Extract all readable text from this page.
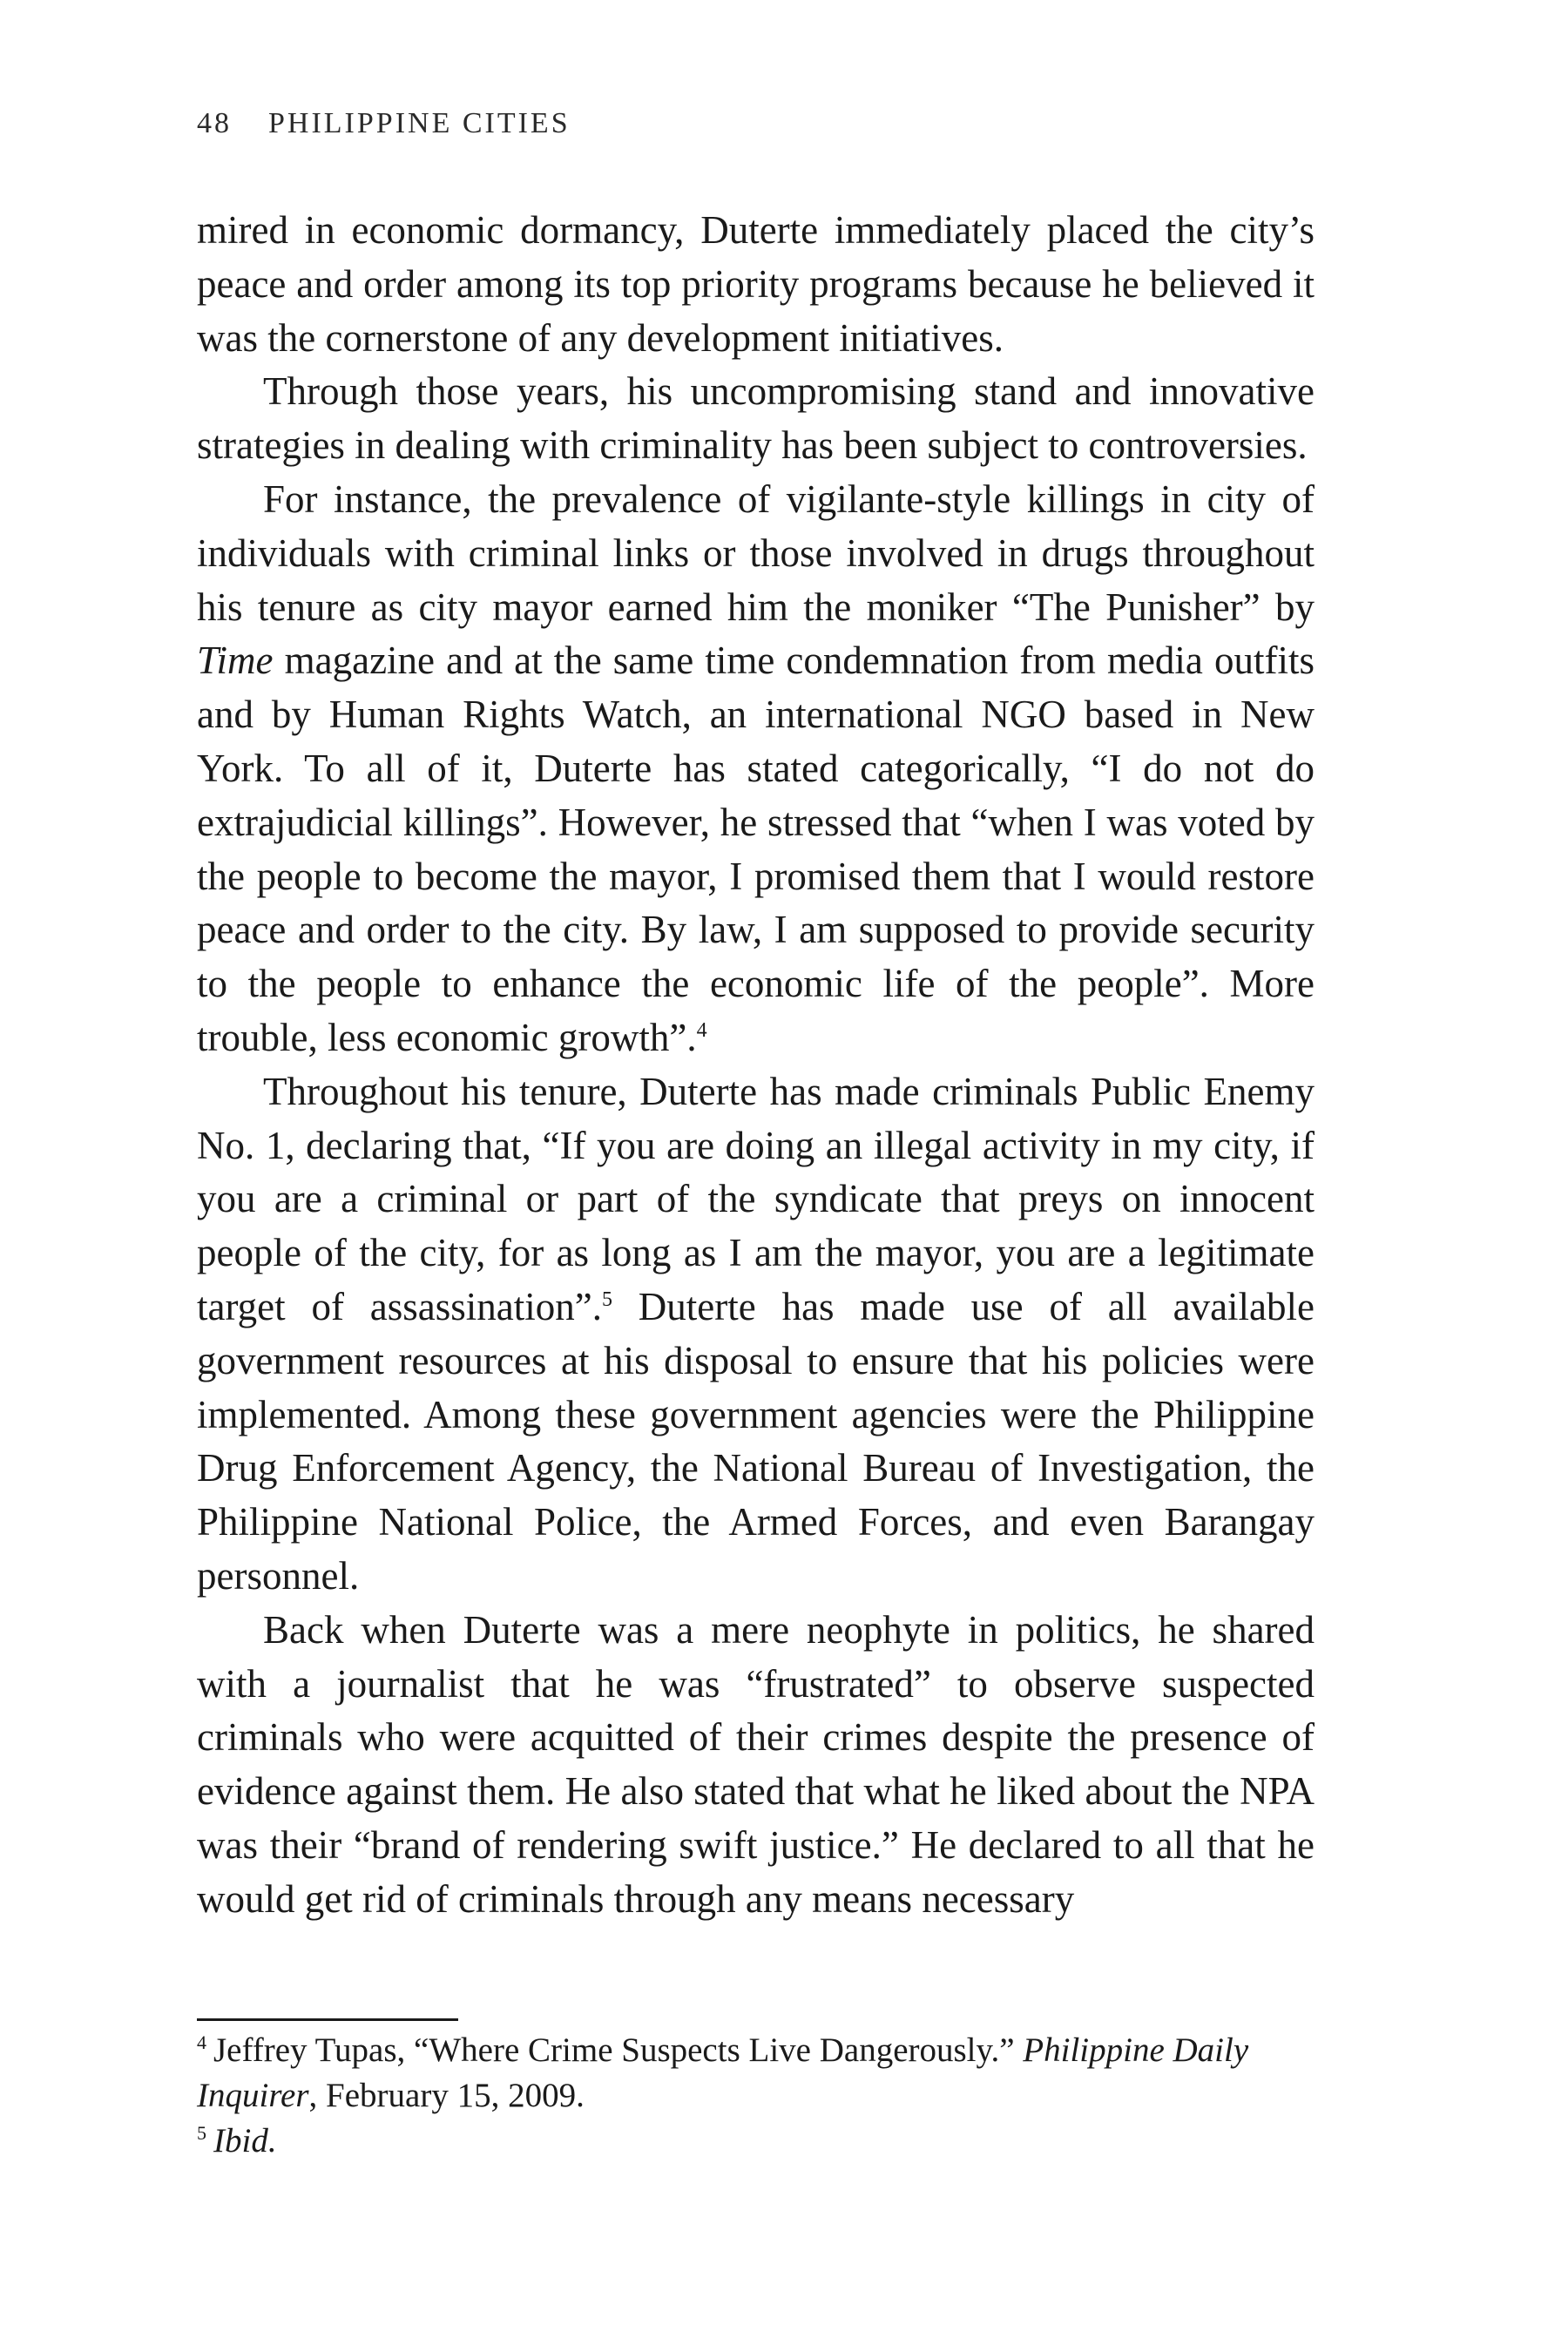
48 PHILIPPINE CITIES

mired in economic dormancy, Duterte immediately placed the city’s peace and order among its top priority programs because he believed it was the cornerstone of any development initiatives.

Through those years, his uncompromising stand and innovative strategies in dealing with criminality has been subject to controversies.

For instance, the prevalence of vigilante-style killings in city of individuals with criminal links or those involved in drugs throughout his tenure as city mayor earned him the moniker “The Punisher” by Time magazine and at the same time condemnation from media outfits and by Human Rights Watch, an international NGO based in New York. To all of it, Duterte has stated categorically, “I do not do extrajudicial killings”. However, he stressed that “when I was voted by the people to become the mayor, I promised them that I would restore peace and order to the city. By law, I am supposed to provide security to the people to enhance the economic life of the people”. More trouble, less economic growth”.$^4$

Throughout his tenure, Duterte has made criminals Public Enemy No. 1, declaring that, “If you are doing an illegal activity in my city, if you are a criminal or part of the syndicate that preys on innocent people of the city, for as long as I am the mayor, you are a legitimate target of assassination”.$^5$ Duterte has made use of all available government resources at his disposal to ensure that his policies were implemented. Among these government agencies were the Philippine Drug Enforcement Agency, the National Bureau of Investigation, the Philippine National Police, the Armed Forces, and even Barangay personnel.

Back when Duterte was a mere neophyte in politics, he shared with a journalist that he was “frustrated” to observe suspected criminals who were acquitted of their crimes despite the presence of evidence against them. He also stated that what he liked about the NPA was their “brand of rendering swift justice.” He declared to all that he would get rid of criminals through any means necessary

$^4$ Jeffrey Tupas, “Where Crime Suspects Live Dangerously.” Philippine Daily Inquirer, February 15, 2009.

$^5$ Ibid.
